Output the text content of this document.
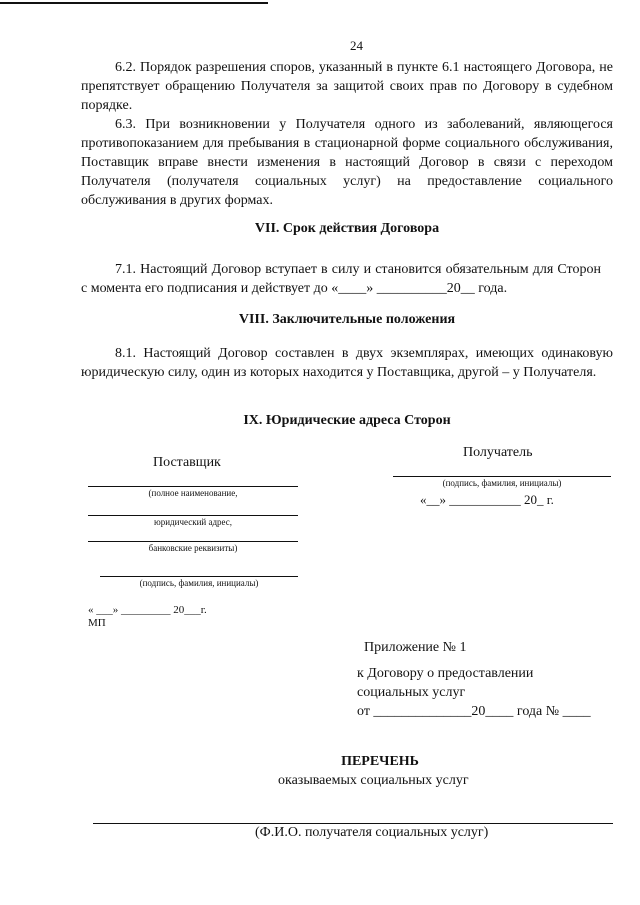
24
6.2. Порядок разрешения споров, указанный в пункте 6.1 настоящего Договора, не препятствует обращению Получателя за защитой своих прав по Договору в судебном порядке.
6.3. При возникновении у Получателя одного из заболеваний, являющегося противопоказанием для пребывания в стационарной форме социального обслуживания, Поставщик вправе внести изменения в настоящий Договор в связи с переходом Получателя (получателя социальных услуг) на предоставление социального обслуживания в других формах.
VII. Срок действия Договора
7.1. Настоящий Договор вступает в силу и становится обязательным для Сторон с момента его подписания и действует до «____» __________20__ года.
VIII. Заключительные положения
8.1. Настоящий Договор составлен в двух экземплярах, имеющих одинаковую юридическую силу, один из которых находится у Поставщика, другой – у Получателя.
IX. Юридические адреса Сторон
Поставщик
(полное наименование,
юридический адрес,
банковские реквизиты)
(подпись, фамилия, инициалы)
« ___» _________ 20___г.
МП
Получатель
(подпись, фамилия, инициалы)
«__» ___________ 20_ г.
Приложение № 1
к Договору о предоставлении
социальных услуг
от ______________20____ года № ____
ПЕРЕЧЕНЬ
оказываемых социальных услуг
(Ф.И.О. получателя социальных услуг)
